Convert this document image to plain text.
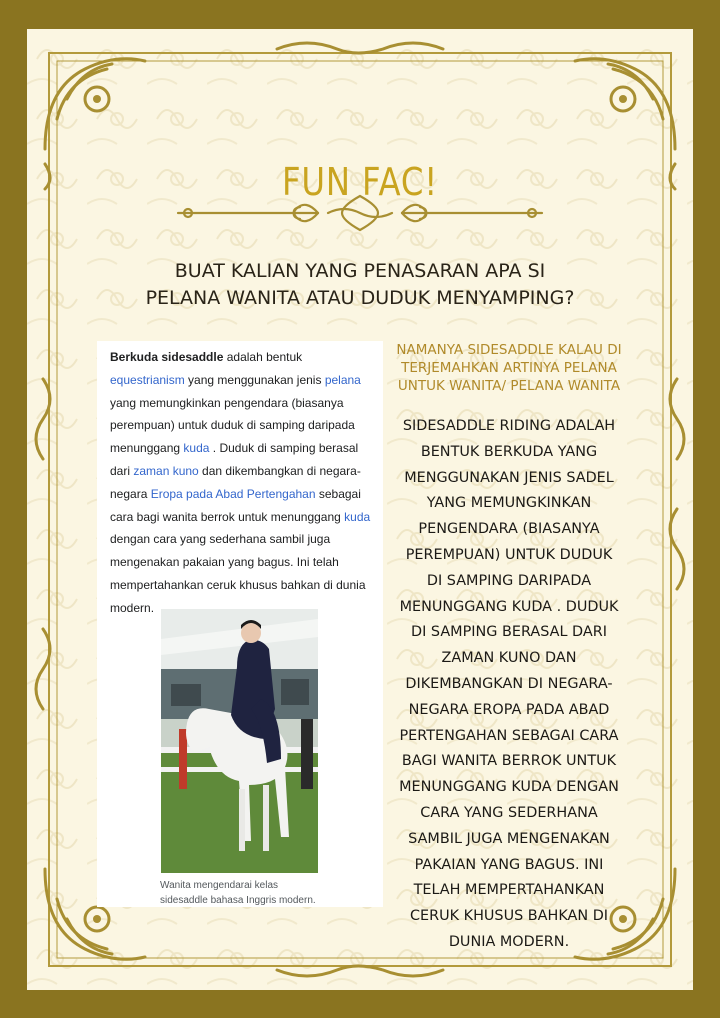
FUN FAC!
BUAT KALIAN YANG PENASARAN APA SI
PELANA WANITA ATAU DUDUK MENYAMPING?
Berkuda sidesaddle adalah bentuk equestrianism yang menggunakan jenis pelana yang memungkinkan pengendara (biasanya perempuan) untuk duduk di samping daripada menunggang kuda . Duduk di samping berasal dari zaman kuno dan dikembangkan di negara-negara Eropa pada Abad Pertengahan sebagai cara bagi wanita berrok untuk menunggang kuda dengan cara yang sederhana sambil juga mengenakan pakaian yang bagus. Ini telah mempertahankan ceruk khusus bahkan di dunia modern.
Wanita mengendarai kelas
sidesaddle bahasa Inggris modern.
NAMANYA SIDESADDLE KALAU DI TERJEMAHKAN ARTINYA PELANA UNTUK WANITA/ PELANA WANITA
SIDESADDLE RIDING ADALAH BENTUK BERKUDA YANG MENGGUNAKAN JENIS SADEL YANG MEMUNGKINKAN PENGENDARA (BIASANYA PEREMPUAN) UNTUK DUDUK DI SAMPING DARIPADA MENUNGGANG KUDA . DUDUK DI SAMPING BERASAL DARI ZAMAN KUNO DAN DIKEMBANGKAN DI NEGARA-NEGARA EROPA PADA ABAD PERTENGAHAN SEBAGAI CARA BAGI WANITA BERROK UNTUK MENUNGGANG KUDA DENGAN CARA YANG SEDERHANA SAMBIL JUGA MENGENAKAN PAKAIAN YANG BAGUS. INI TELAH MEMPERTAHANKAN CERUK KHUSUS BAHKAN DI DUNIA MODERN.
